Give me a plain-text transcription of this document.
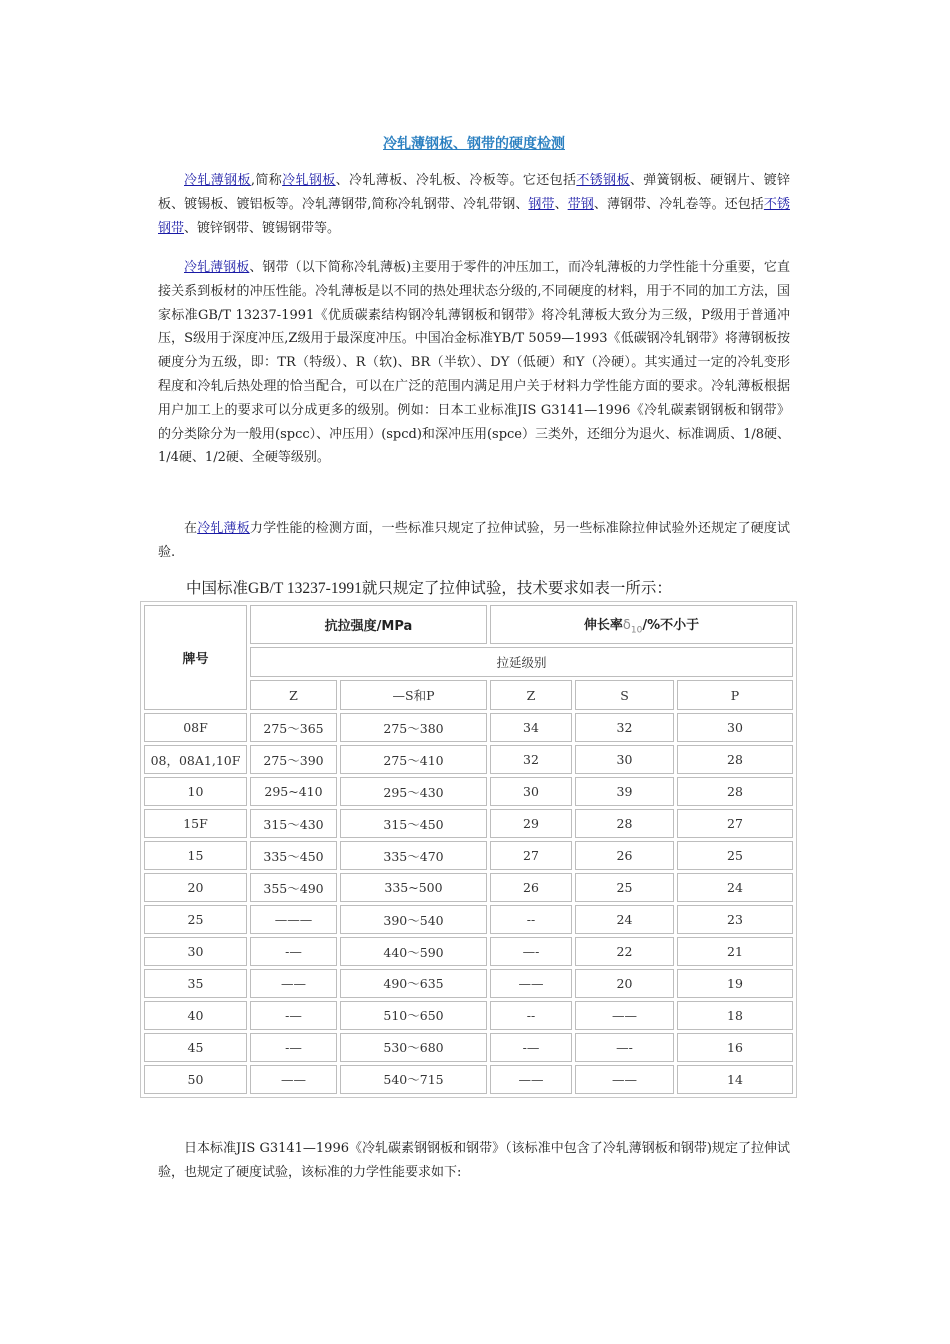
冷轧薄钢板、钢带的硬度检测
冷轧薄钢板,简称冷轧钢板、冷轧薄板、冷轧板、冷板等。它还包括不锈钢板、弹簧钢板、硬钢片、镀锌板、镀锡板、镀铝板等。冷轧薄钢带,简称冷轧钢带、冷轧带钢、钢带、带钢、薄钢带、冷轧卷等。还包括不锈钢带、镀锌钢带、镀锡钢带等。
冷轧薄钢板、钢带（以下简称冷轧薄板)主要用于零件的冲压加工，而冷轧薄板的力学性能十分重要，它直接关系到板材的冲压性能。冷轧薄板是以不同的热处理状态分级的,不同硬度的材料，用于不同的加工方法，国家标准GB/T 13237-1991《优质碳素结构钢冷轧薄钢板和钢带》将冷轧薄板大致分为三级，P级用于普通冲压，S级用于深度冲压,Z级用于最深度冲压。中国冶金标准YB/T 5059—1993《低碳钢冷轧钢带》将薄钢板按硬度分为五级，即：TR（特级）、R（软)、BR（半软）、DY（低硬）和Y（冷硬）。其实通过一定的冷轧变形程度和冷轧后热处理的恰当配合，可以在广泛的范围内满足用户关于材料力学性能方面的要求。冷轧薄板根据用户加工上的要求可以分成更多的级别。例如：日本工业标准JIS G3141—1996《冷轧碳素钢钢板和钢带》的分类除分为一般用(spcc）、冲压用）(spcd)和深冲压用(spce）三类外，还细分为退火、标准调质、1/8硬、1/4硬、1/2硬、全硬等级别。
在冷轧薄板力学性能的检测方面，一些标准只规定了拉伸试验，另一些标准除拉伸试验外还规定了硬度试验.
中国标准GB/T 13237-1991就只规定了拉伸试验，技术要求如表一所示：
日本标准JIS G3141—1996《冷轧碳素钢钢板和钢带》（该标准中包含了冷轧薄钢板和钢带)规定了拉伸试验，也规定了硬度试验，该标准的力学性能要求如下:
牌号	抗拉强度/MPa		伸长率$\delta_{10}/\%$不小于		
	拉延级别				
	Z	—S和P	Z	S	P
08F	275～365	275～380	34	32	30
08，08A1,10F	275～390	275～410	32	30	28
10	295~410	295～430	30	39	28
15F	315～430	315～450	29	28	27
15	335～450	335～470	27	26	25
20	355～490	335~500	26	25	24
25	———	390～540	--	24	23
30	-—	440～590	—-	22	21
35	——	490～635	——	20	19
40	-—	510～650	--	——	18
45	-—	530～680	-—	—-	16
50	——	540～715	——	——	14
